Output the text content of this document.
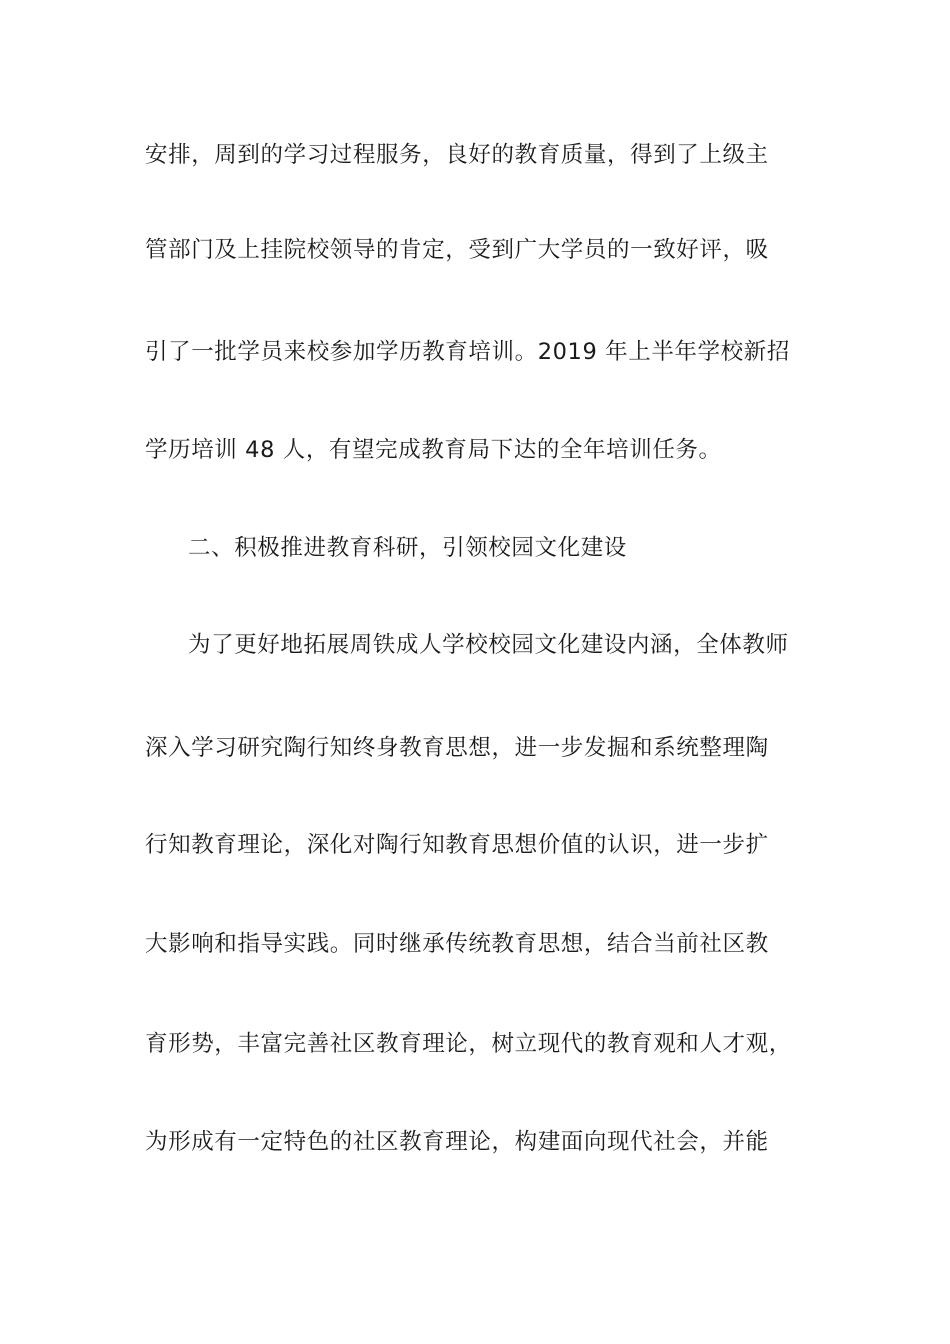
安排，周到的学习过程服务，良好的教育质量，得到了上级主
管部门及上挂院校领导的肯定，受到广大学员的一致好评，吸
引了一批学员来校参加学历教育培训。2019 年上半年学校新招
学历培训 48 人，有望完成教育局下达的全年培训任务。
二、积极推进教育科研，引领校园文化建设
为了更好地拓展周铁成人学校校园文化建设内涵，全体教师
深入学习研究陶行知终身教育思想，进一步发掘和系统整理陶
行知教育理论，深化对陶行知教育思想价值的认识，进一步扩
大影响和指导实践。同时继承传统教育思想，结合当前社区教
育形势，丰富完善社区教育理论，树立现代的教育观和人才观，
为形成有一定特色的社区教育理论，构建面向现代社会，并能
